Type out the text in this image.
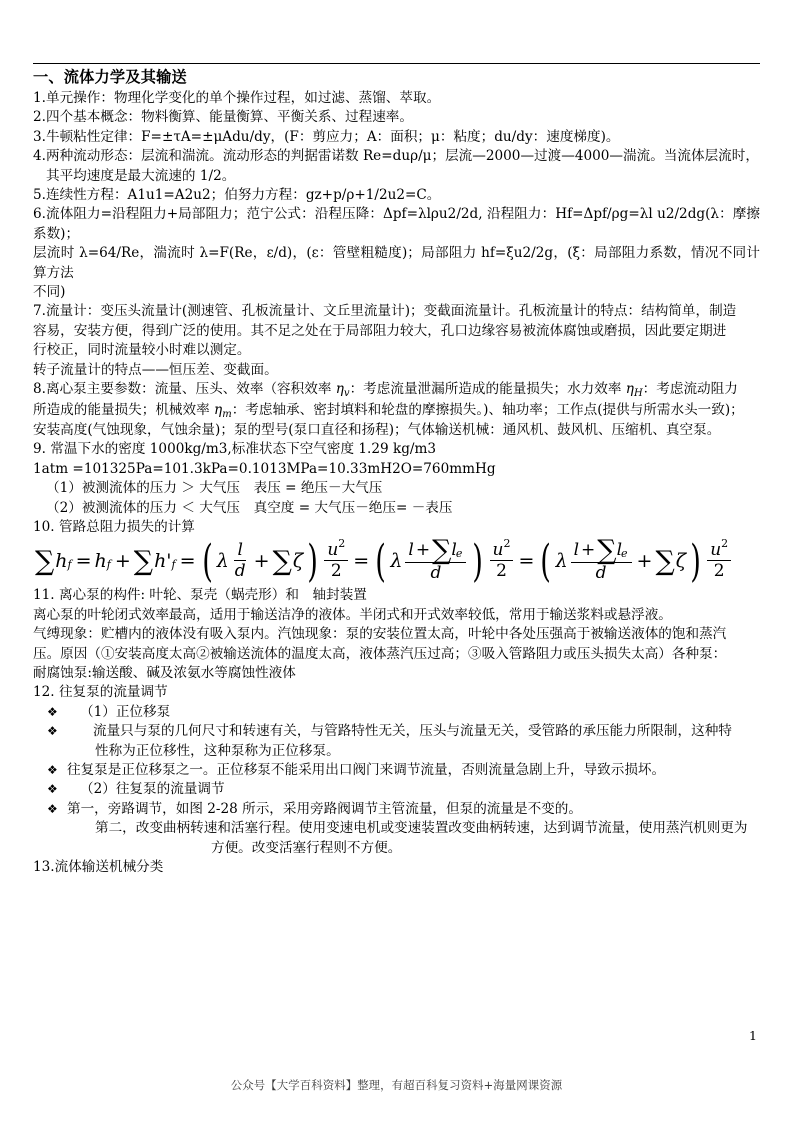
一、流体力学及其输送

1.单元操作：物理化学变化的单个操作过程，如过滤、蒸馏、萃取。

2.四个基本概念：物料衡算、能量衡算、平衡关系、过程速率。

3.牛顿粘性定律：F=±τA=±μAdu/dy，(F：剪应力；A：面积；μ：粘度；du/dy：速度梯度)。

4.两种流动形态：层流和湍流。流动形态的判据雷诺数 Re=duρ/μ；层流—2000—过渡—4000—湍流。当流体层流时，

其平均速度是最大流速的 1/2。

5.连续性方程：A1u1=A2u2；伯努力方程：gz+p/ρ+1/2u2=C。

6.流体阻力=沿程阻力+局部阻力；范宁公式：沿程压降：Δpf=λlρu2/2d, 沿程阻力：Hf=Δpf/ρg=λl u2/2dg(λ：摩擦系数)；

层流时 λ=64/Re，湍流时 λ=F(Re，ε/d)，(ε：管壁粗糙度)；局部阻力 hf=ξu2/2g，(ξ：局部阻力系数，情况不同计算方法

不同)

7.流量计：变压头流量计(测速管、孔板流量计、文丘里流量计)；变截面流量计。孔板流量计的特点：结构简单，制造

容易，安装方便，得到广泛的使用。其不足之处在于局部阻力较大，孔口边缘容易被流体腐蚀或磨损，因此要定期进

行校正，同时流量较小时难以测定。

转子流量计的特点——恒压差、变截面。

8.离心泵主要参数：流量、压头、效率（容积效率 $\eta_v$：考虑流量泄漏所造成的能量损失；水力效率 $\eta_H$：考虑流动阻力

所造成的能量损失；机械效率 $\eta_m$：考虑轴承、密封填料和轮盘的摩擦损失。)、轴功率；工作点(提供与所需水头一致)；

安装高度(气蚀现象，气蚀余量)；泵的型号(泵口直径和扬程)；气体输送机械：通风机、鼓风机、压缩机、真空泵。

9. 常温下水的密度 1000kg/m3,标准状态下空气密度 1.29 kg/m3

1atm =101325Pa=101.3kPa=0.1013MPa=10.33mH2O=760mmHg

（1）被测流体的压力 ＞ 大气压　表压 = 绝压－大气压

（2）被测流体的压力 ＜ 大气压　真空度 = 大气压－绝压= －表压

10. 管路总阻力损失的计算

∑ h f = h f + ∑ h' f = ( λ $\frac{l}{d}$ + ∑ ζ ) $\frac{u 2}{2}$ = ( λ $\frac{\text{l + ∑ l e}}{d}$ ) $\frac{u 2}{2}$ = ( λ $\frac{\text{l + ∑ l e}}{d}$ + ∑ ζ ) $\frac{u 2}{2}$

11. 离心泵的构件: 叶轮、泵壳（蜗壳形）和　轴封装置

离心泵的叶轮闭式效率最高，适用于输送洁净的液体。半闭式和开式效率较低，常用于输送浆料或悬浮液。

气缚现象：贮槽内的液体没有吸入泵内。汽蚀现象：泵的安装位置太高，叶轮中各处压强高于被输送液体的饱和蒸汽

压。原因（①安装高度太高②被输送流体的温度太高，液体蒸汽压过高；③吸入管路阻力或压头损失太高）各种泵：

耐腐蚀泵:输送酸、碱及浓氨水等腐蚀性液体

12. 往复泵的流量调节

❖	（1）正位移泵
❖	流量只与泵的几何尺寸和转速有关，与管路特性无关，压头与流量无关，受管路的承压能力所限制，这种特

性称为正位移性，这种泵称为正位移泵。

❖ 往复泵是正位移泵之一。正位移泵不能采用出口阀门来调节流量，否则流量急剧上升，导致示损坏。
❖	（2）往复泵的流量调节
❖ 第一，旁路调节，如图 2-28 所示，采用旁路阀调节主管流量，但泵的流量是不变的。

第二，改变曲柄转速和活塞行程。使用变速电机或变速装置改变曲柄转速，达到调节流量，使用蒸汽机则更为

方便。改变活塞行程则不方便。

13.流体输送机械分类

1
公众号【大学百科资料】整理，有超百科复习资料+海量网课资源
